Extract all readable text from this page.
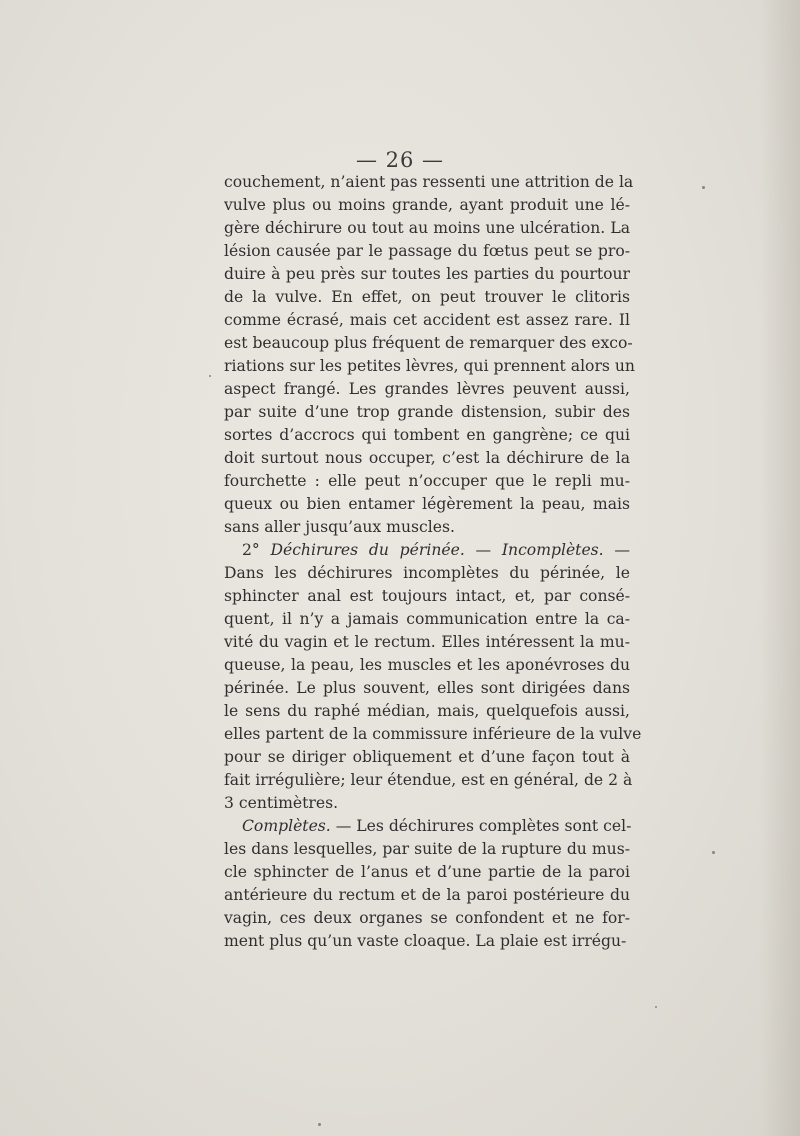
— 26 —
couchement, n’aient pas ressenti une attrition de la
vulve plus ou moins grande, ayant produit une lé-
gère déchirure ou tout au moins une ulcération. La
lésion causée par le passage du fœtus peut se pro-
duire à peu près sur toutes les parties du pourtour
de la vulve. En effet, on peut trouver le clitoris
comme écrasé, mais cet accident est assez rare. Il
est beaucoup plus fréquent de remarquer des exco-
riations sur les petites lèvres, qui prennent alors un
aspect frangé. Les grandes lèvres peuvent aussi,
par suite d’une trop grande distension, subir des
sortes d’accrocs qui tombent en gangrène; ce qui
doit surtout nous occuper, c’est la déchirure de la
fourchette : elle peut n’occuper que le repli mu-
queux ou bien entamer légèrement la peau, mais
sans aller jusqu’aux muscles.
2° Déchirures du périnée. — Incomplètes. —
Dans les déchirures incomplètes du périnée, le
sphincter anal est toujours intact, et, par consé-
quent, il n’y a jamais communication entre la ca-
vité du vagin et le rectum. Elles intéressent la mu-
queuse, la peau, les muscles et les aponévroses du
périnée. Le plus souvent, elles sont dirigées dans
le sens du raphé médian, mais, quelquefois aussi,
elles partent de la commissure inférieure de la vulve
pour se diriger obliquement et d’une façon tout à
fait irrégulière; leur étendue, est en général, de 2 à
3 centimètres.
Complètes. — Les déchirures complètes sont cel-
les dans lesquelles, par suite de la rupture du mus-
cle sphincter de l’anus et d’une partie de la paroi
antérieure du rectum et de la paroi postérieure du
vagin, ces deux organes se confondent et ne for-
ment plus qu’un vaste cloaque. La plaie est irrégu-
